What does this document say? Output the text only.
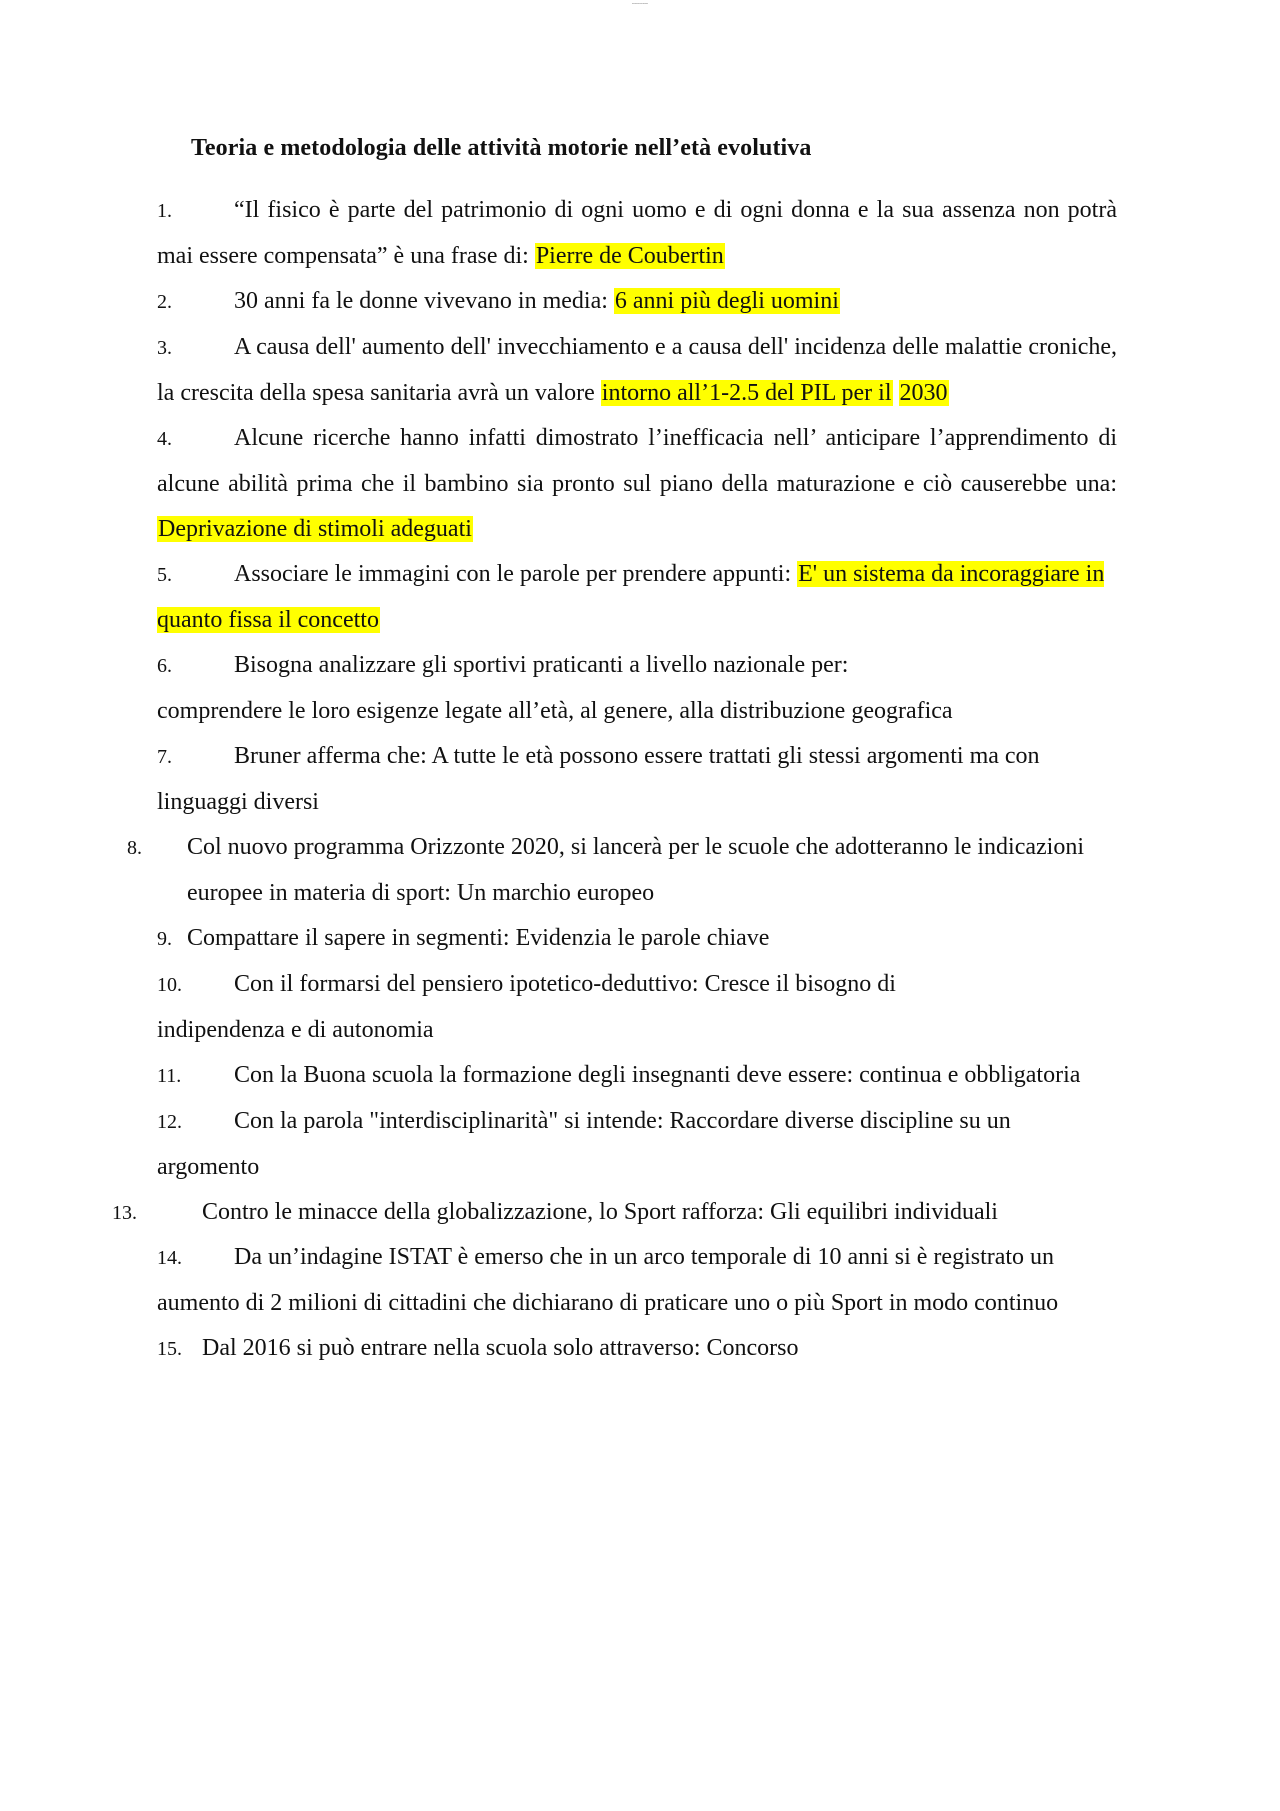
~~~~~~
Teoria e metodologia delle attività motorie nell’età evolutiva

1.	“Il fisico è parte del patrimonio di ogni uomo e di ogni donna e la sua assenza non potrà mai essere compensata” è una frase di: Pierre de Coubertin

2.	30 anni fa le donne vivevano in media: 6 anni più degli uomini

3.	A causa dell' aumento dell' invecchiamento e a causa dell' incidenza delle malattie croniche, la crescita della spesa sanitaria avrà un valore intorno all’1-2.5 del PIL per il 2030

4.	Alcune ricerche hanno infatti dimostrato l’inefficacia nell’ anticipare l’apprendimento di alcune abilità prima che il bambino sia pronto sul piano della maturazione e ciò causerebbe una: Deprivazione di stimoli adeguati

5.	Associare le immagini con le parole per prendere appunti: E' un sistema da incoraggiare in quanto fissa il concetto

6.	Bisogna analizzare gli sportivi praticanti a livello nazionale per:
comprendere le loro esigenze legate all’età, al genere, alla distribuzione geografica

7.	Bruner afferma che: A tutte le età possono essere trattati gli stessi argomenti ma con linguaggi diversi

8. Col nuovo programma Orizzonte 2020, si lancerà per le scuole che adotteranno le indicazioni europee in materia di sport: Un marchio europeo

9. Compattare il sapere in segmenti: Evidenzia le parole chiave

10. Con il formarsi del pensiero ipotetico-deduttivo: Cresce il bisogno di
indipendenza e di autonomia

11. Con la Buona scuola la formazione degli insegnanti deve essere: continua e obbligatoria

12. Con la parola "interdisciplinarità" si intende: Raccordare diverse discipline su un argomento

13.	Contro le minacce della globalizzazione, lo Sport rafforza: Gli equilibri individuali

14. Da un’indagine ISTAT è emerso che in un arco temporale di 10 anni si è registrato un aumento di 2 milioni di cittadini che dichiarano di praticare uno o più Sport in modo continuo

15. Dal 2016 si può entrare nella scuola solo attraverso: Concorso
